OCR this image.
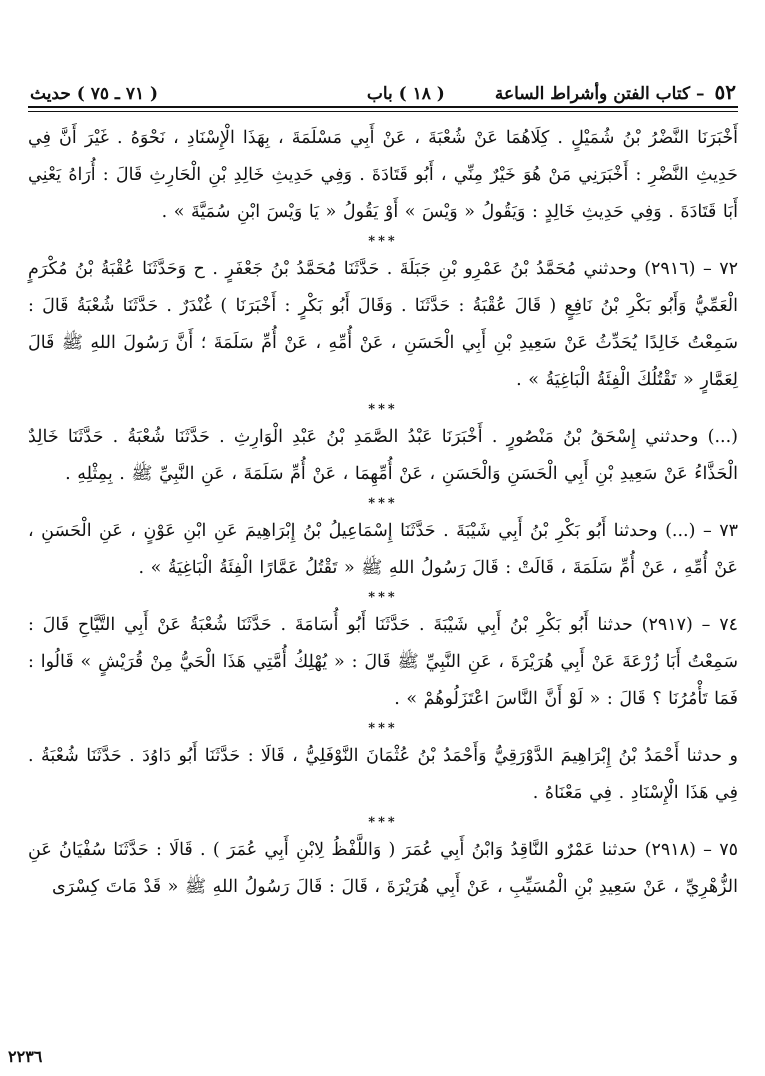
٥٢
– كتاب الفتن وأشراط الساعة
( ١٨ ) باب
( ٧١ ـ ٧٥ ) حديث

أَخْبَرَنَا النَّضْرُ بْنُ شُمَيْلٍ . كِلَاهُمَا عَنْ شُعْبَةَ ، عَنْ أَبِي مَسْلَمَةَ ، بِهَذَا الْإِسْنَادِ ، نَحْوَهُ . غَيْرَ أَنَّ فِي حَدِيثِ النَّضْرِ : أَخْبَرَنِي مَنْ هُوَ خَيْرٌ مِنِّي ، أَبُو قَتَادَةَ . وَفِي حَدِيثِ خَالِدِ بْنِ الْحَارِثِ قَالَ : أُرَاهُ يَعْنِي أَبَا قَتَادَةَ . وَفِي حَدِيثِ خَالِدٍ : وَيَقُولُ « وَيْسَ » أَوْ يَقُولُ « يَا وَيْسَ ابْنِ سُمَيَّةَ » .

***

٧٢ – (٢٩١٦) وحدثني مُحَمَّدُ بْنُ عَمْرِو بْنِ جَبَلَةَ . حَدَّثَنَا مُحَمَّدُ بْنُ جَعْفَرٍ . ح وَحَدَّثَنَا عُقْبَةُ بْنُ مُكْرَمٍ الْعَمِّيُّ وَأَبُو بَكْرِ بْنُ نَافِعٍ ( قَالَ عُقْبَةُ : حَدَّثَنَا . وَقَالَ أَبُو بَكْرٍ : أَخْبَرَنَا ) غُنْدَرٌ . حَدَّثَنَا شُعْبَةُ قَالَ : سَمِعْتُ خَالِدًا يُحَدِّثُ عَنْ سَعِيدِ بْنِ أَبِي الْحَسَنِ ، عَنْ أُمِّهِ ، عَنْ أُمِّ سَلَمَةَ ؛ أَنَّ رَسُولَ اللهِ ﷺ قَالَ لِعَمَّارٍ « تَقْتُلُكَ الْفِئَةُ الْبَاغِيَةُ » .

***

(...) وحدثني إِسْحَقُ بْنُ مَنْصُورٍ . أَخْبَرَنَا عَبْدُ الصَّمَدِ بْنُ عَبْدِ الْوَارِثِ . حَدَّثَنَا شُعْبَةُ . حَدَّثَنَا خَالِدٌ الْحَذَّاءُ عَنْ سَعِيدِ بْنِ أَبِي الْحَسَنِ وَالْحَسَنِ ، عَنْ أُمِّهِمَا ، عَنْ أُمِّ سَلَمَةَ ، عَنِ النَّبِيِّ ﷺ . بِمِثْلِهِ .

***

٧٣ – (...) وحدثنا أَبُو بَكْرِ بْنُ أَبِي شَيْبَةَ . حَدَّثَنَا إِسْمَاعِيلُ بْنُ إِبْرَاهِيمَ عَنِ ابْنِ عَوْنٍ ، عَنِ الْحَسَنِ ، عَنْ أُمِّهِ ، عَنْ أُمِّ سَلَمَةَ ، قَالَتْ : قَالَ رَسُولُ اللهِ ﷺ « تَقْتُلُ عَمَّارًا الْفِئَةُ الْبَاغِيَةُ » .

***

٧٤ – (٢٩١٧) حدثنا أَبُو بَكْرِ بْنُ أَبِي شَيْبَةَ . حَدَّثَنَا أَبُو أُسَامَةَ . حَدَّثَنَا شُعْبَةُ عَنْ أَبِي التَّيَّاحِ قَالَ : سَمِعْتُ أَبَا زُرْعَةَ عَنْ أَبِي هُرَيْرَةَ ، عَنِ النَّبِيِّ ﷺ قَالَ : « يُهْلِكُ أُمَّتِي هَذَا الْحَيُّ مِنْ قُرَيْشٍ » قَالُوا : فَمَا تَأْمُرُنَا ؟ قَالَ : « لَوْ أَنَّ النَّاسَ اعْتَزَلُوهُمْ » .

***

و حدثنا أَحْمَدُ بْنُ إِبْرَاهِيمَ الدَّوْرَقِيُّ وَأَحْمَدُ بْنُ عُثْمَانَ النَّوْفَلِيُّ ، قَالَا : حَدَّثَنَا أَبُو دَاوُدَ . حَدَّثَنَا شُعْبَةُ . فِي هَذَا الْإِسْنَادِ . فِي مَعْنَاهُ .

***

٧٥ – (٢٩١٨) حدثنا عَمْرٌو النَّاقِدُ وَابْنُ أَبِي عُمَرَ ( وَاللَّفْظُ لِابْنِ أَبِي عُمَرَ ) . قَالَا : حَدَّثَنَا سُفْيَانُ عَنِ الزُّهْرِيِّ ، عَنْ سَعِيدِ بْنِ الْمُسَيِّبِ ، عَنْ أَبِي هُرَيْرَةَ ، قَالَ : قَالَ رَسُولُ اللهِ ﷺ « قَدْ مَاتَ كِسْرَى

٢٢٣٦
